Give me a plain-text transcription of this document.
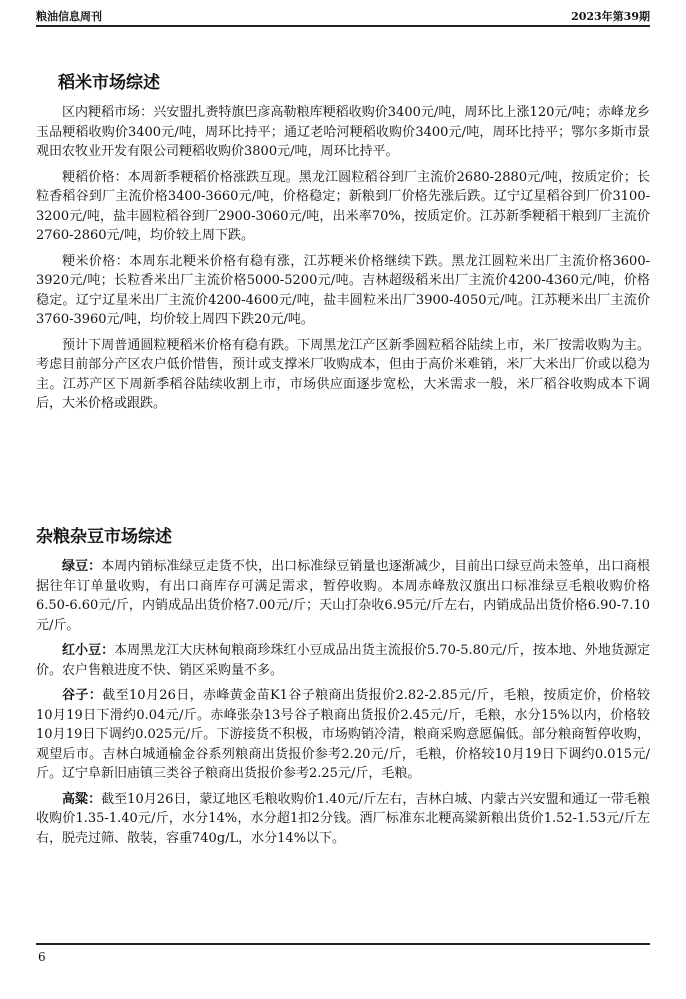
粮油信息周刊	2023年第39期
稻米市场综述

区内粳稻市场：兴安盟扎赉特旗巴彦高勒粮库粳稻收购价3400元/吨，周环比上涨120元/吨；赤峰龙乡玉品粳稻收购价3400元/吨，周环比持平；通辽老哈河粳稻收购价3400元/吨，周环比持平；鄂尔多斯市景观田农牧业开发有限公司粳稻收购价3800元/吨，周环比持平。

粳稻价格：本周新季粳稻价格涨跌互现。黑龙江圆粒稻谷到厂主流价2680-2880元/吨，按质定价；长粒香稻谷到厂主流价格3400-3660元/吨，价格稳定；新粮到厂价格先涨后跌。辽宁辽星稻谷到厂价3100-3200元/吨，盐丰圆粒稻谷到厂2900-3060元/吨，出米率70%，按质定价。江苏新季粳稻干粮到厂主流价2760-2860元/吨，均价较上周下跌。

粳米价格：本周东北粳米价格有稳有涨，江苏粳米价格继续下跌。黑龙江圆粒米出厂主流价格3600-3920元/吨；长粒香米出厂主流价格5000-5200元/吨。吉林超级稻米出厂主流价4200-4360元/吨，价格稳定。辽宁辽星米出厂主流价4200-4600元/吨，盐丰圆粒米出厂3900-4050元/吨。江苏粳米出厂主流价3760-3960元/吨，均价较上周四下跌20元/吨。

预计下周普通圆粒粳稻米价格有稳有跌。下周黑龙江产区新季圆粒稻谷陆续上市，米厂按需收购为主。考虑目前部分产区农户低价惜售，预计或支撑米厂收购成本，但由于高价米难销，米厂大米出厂价或以稳为主。江苏产区下周新季稻谷陆续收割上市，市场供应面逐步宽松，大米需求一般，米厂稻谷收购成本下调后，大米价格或跟跌。

杂粮杂豆市场综述

绿豆：本周内销标准绿豆走货不快，出口标准绿豆销量也逐渐减少，目前出口绿豆尚未签单，出口商根据往年订单量收购，有出口商库存可满足需求，暂停收购。本周赤峰敖汉旗出口标准绿豆毛粮收购价格6.50-6.60元/斤，内销成品出货价格7.00元/斤；天山打杂收6.95元/斤左右，内销成品出货价格6.90-7.10元/斤。

红小豆：本周黑龙江大庆林甸粮商珍珠红小豆成品出货主流报价5.70-5.80元/斤，按本地、外地货源定价。农户售粮进度不快、销区采购量不多。

谷子：截至10月26日，赤峰黄金苗K1谷子粮商出货报价2.82-2.85元/斤，毛粮，按质定价，价格较10月19日下滑约0.04元/斤。赤峰张杂13号谷子粮商出货报价2.45元/斤，毛粮，水分15%以内，价格较10月19日下调约0.025元/斤。下游接货不积极，市场购销冷清，粮商采购意愿偏低。部分粮商暂停收购，观望后市。吉林白城通榆金谷系列粮商出货报价参考2.20元/斤，毛粮，价格较10月19日下调约0.015元/斤。辽宁阜新旧庙镇三类谷子粮商出货报价参考2.25元/斤，毛粮。

高粱：截至10月26日，蒙辽地区毛粮收购价1.40元/斤左右，吉林白城、内蒙古兴安盟和通辽一带毛粮收购价1.35-1.40元/斤，水分14%，水分超1扣2分钱。酒厂标准东北粳高粱新粮出货价1.52-1.53元/斤左右，脱壳过筛、散装，容重740g/L，水分14%以下。

6
